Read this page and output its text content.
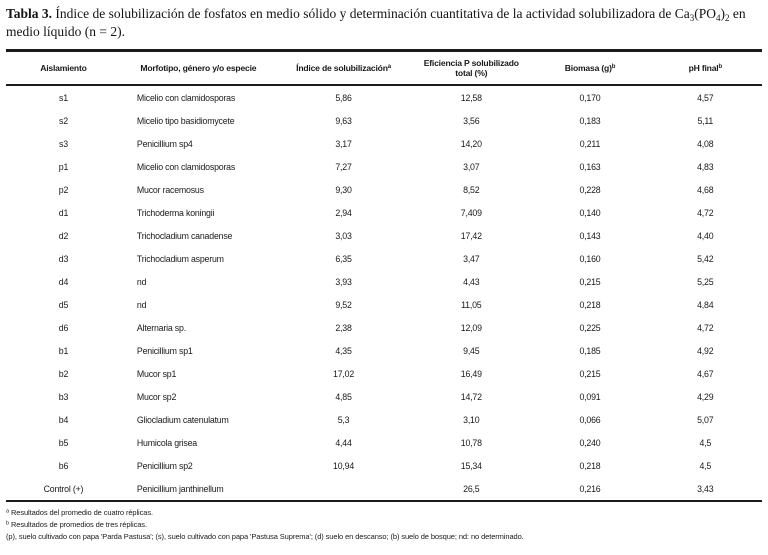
Tabla 3. Índice de solubilización de fosfatos en medio sólido y determinación cuantitativa de la actividad solubilizadora de $Ca_3(PO_4)_2$ en medio líquido (n = 2).

Aislamiento	Morfotipo, género y/o especie	Índice de solubilización$^a$	Eficiencia P solubilizado total (%)	Biomasa $(g)^b$	pH final$^b$
s1	Micelio con clamidosporas	5,86	12,58	0,170	4,57
s2	Micelio tipo basidiomycete	9,63	3,56	0,183	5,11
s3	Penicillium sp4	3,17	14,20	0,211	4,08
p1	Micelio con clamidosporas	7,27	3,07	0,163	4,83
p2	Mucor racemosus	9,30	8,52	0,228	4,68
d1	Trichoderma koningii	2,94	7,409	0,140	4,72
d2	Trichocladium canadense	3,03	17,42	0,143	4,40
d3	Trichocladium asperum	6,35	3,47	0,160	5,42
d4	nd	3,93	4,43	0,215	5,25
d5	nd	9,52	11,05	0,218	4,84
d6	Alternaria sp.	2,38	12,09	0,225	4,72
b1	Penicillium sp1	4,35	9,45	0,185	4,92
b2	Mucor sp1	17,02	16,49	0,215	4,67
b3	Mucor sp2	4,85	14,72	0,091	4,29
b4	Gliocladium catenulatum	5,3	3,10	0,066	5,07
b5	Humicola grisea	4,44	10,78	0,240	4,5
b6	Penicillium sp2	10,94	15,34	0,218	4,5
Control (+)	Penicillium janthinellum		26,5	0,216	3,43

$^a$ Resultados del promedio de cuatro réplicas.

$^b$ Resultados de promedios de tres réplicas.

(p), suelo cultivado con papa 'Parda Pastusa'; (s), suelo cultivado con papa 'Pastusa Suprema'; (d) suelo en descanso; (b) suelo de bosque; nd: no determinado.
